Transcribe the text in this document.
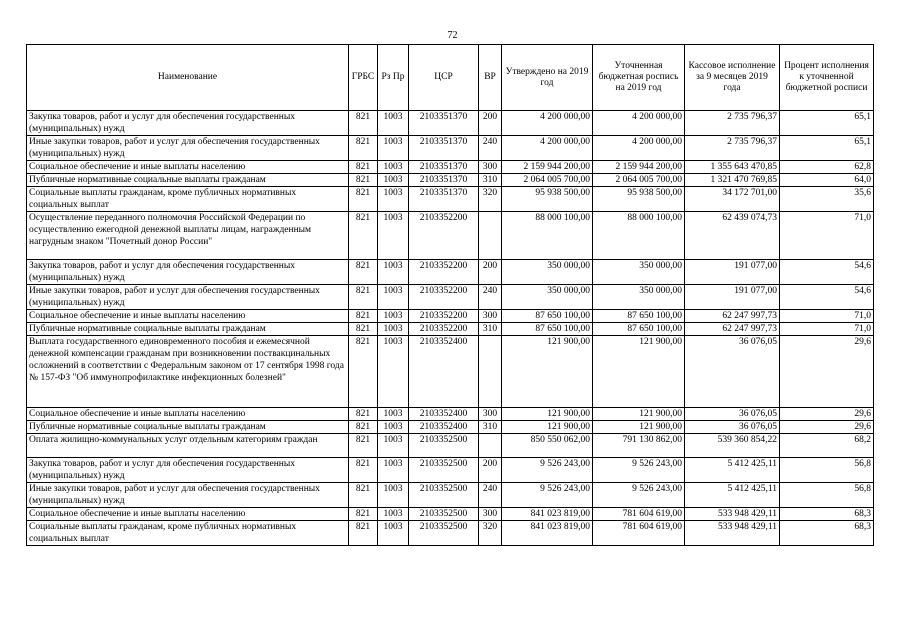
72
Наименование	ГРБС	Рз Пр	ЦСР	ВР	Утверждено на 2019 год	Уточненная бюджетная роспись на 2019 год	Кассовое исполнение за 9 месяцев 2019 года	Процент исполнения к уточненной бюджетной росписи
Закупка товаров, работ и услуг для обеспечения государственных (муниципальных) нужд	821	1003	2103351370	200	4 200 000,00	4 200 000,00	2 735 796,37	65,1
Иные закупки товаров, работ и услуг для обеспечения государственных (муниципальных) нужд	821	1003	2103351370	240	4 200 000,00	4 200 000,00	2 735 796,37	65,1
Социальное обеспечение и иные выплаты населению	821	1003	2103351370	300	2 159 944 200,00	2 159 944 200,00	1 355 643 470,85	62,8
Публичные нормативные социальные выплаты гражданам	821	1003	2103351370	310	2 064 005 700,00	2 064 005 700,00	1 321 470 769,85	64,0
Социальные выплаты гражданам, кроме публичных нормативных социальных выплат	821	1003	2103351370	320	95 938 500,00	95 938 500,00	34 172 701,00	35,6
Осуществление переданного полномочия Российской Федерации по осуществлению ежегодной денежной выплаты лицам, награжденным нагрудным знаком "Почетный донор России"	821	1003	2103352200		88 000 100,00	88 000 100,00	62 439 074,73	71,0
Закупка товаров, работ и услуг для обеспечения государственных (муниципальных) нужд	821	1003	2103352200	200	350 000,00	350 000,00	191 077,00	54,6
Иные закупки товаров, работ и услуг для обеспечения государственных (муниципальных) нужд	821	1003	2103352200	240	350 000,00	350 000,00	191 077,00	54,6
Социальное обеспечение и иные выплаты населению	821	1003	2103352200	300	87 650 100,00	87 650 100,00	62 247 997,73	71,0
Публичные нормативные социальные выплаты гражданам	821	1003	2103352200	310	87 650 100,00	87 650 100,00	62 247 997,73	71,0
Выплата государственного единовременного пособия и ежемесячной денежной компенсации гражданам при возникновении поствакцинальных осложнений в соответствии с Федеральным законом от 17 сентября 1998 года № 157-ФЗ "Об иммунопрофилактике инфекционных болезней"	821	1003	2103352400		121 900,00	121 900,00	36 076,05	29,6
Социальное обеспечение и иные выплаты населению	821	1003	2103352400	300	121 900,00	121 900,00	36 076,05	29,6
Публичные нормативные социальные выплаты гражданам	821	1003	2103352400	310	121 900,00	121 900,00	36 076,05	29,6
Оплата жилищно-коммунальных услуг отдельным категориям граждан	821	1003	2103352500		850 550 062,00	791 130 862,00	539 360 854,22	68,2
Закупка товаров, работ и услуг для обеспечения государственных (муниципальных) нужд	821	1003	2103352500	200	9 526 243,00	9 526 243,00	5 412 425,11	56,8
Иные закупки товаров, работ и услуг для обеспечения государственных (муниципальных) нужд	821	1003	2103352500	240	9 526 243,00	9 526 243,00	5 412 425,11	56,8
Социальное обеспечение и иные выплаты населению	821	1003	2103352500	300	841 023 819,00	781 604 619,00	533 948 429,11	68,3
Социальные выплаты гражданам, кроме публичных нормативных социальных выплат	821	1003	2103352500	320	841 023 819,00	781 604 619,00	533 948 429,11	68,3
